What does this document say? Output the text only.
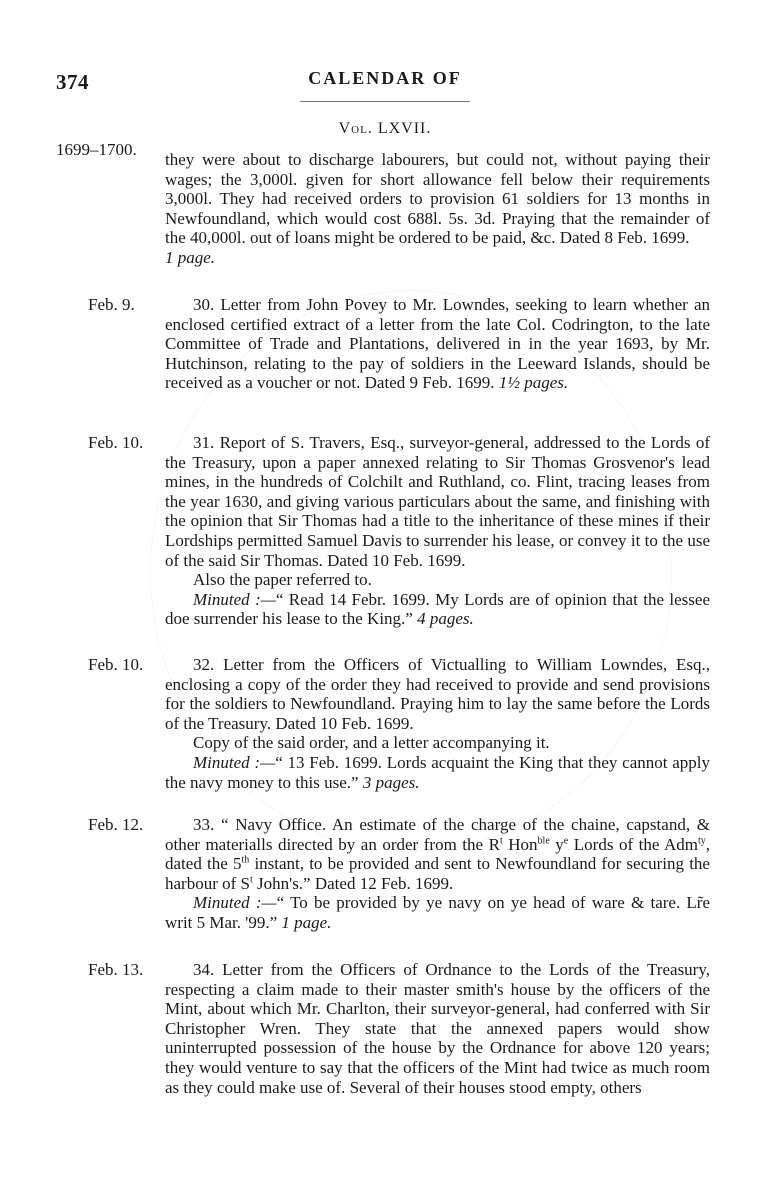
374	CALENDAR OF
Vol. LXVII.
1699–1700.

they were about to discharge labourers, but could not, without paying their wages; the 3,000l. given for short allowance fell below their requirements 3,000l. They had received orders to provision 61 soldiers for 13 months in Newfoundland, which would cost 688l. 5s. 3d. Praying that the remainder of the 40,000l. out of loans might be ordered to be paid, &c. Dated 8 Feb. 1699.

1 page.

Feb. 9.	30. Letter from John Povey to Mr. Lowndes, seeking to learn whether an enclosed certified extract of a letter from the late Col. Codrington, to the late Committee of Trade and Plantations, delivered in in the year 1693, by Mr. Hutchinson, relating to the pay of soldiers in the Leeward Islands, should be received as a voucher or not. Dated 9 Feb. 1699. 1½ pages.

Feb. 10.	31. Report of S. Travers, Esq., surveyor-general, addressed to the Lords of the Treasury, upon a paper annexed relating to Sir Thomas Grosvenor's lead mines, in the hundreds of Colchilt and Ruthland, co. Flint, tracing leases from the year 1630, and giving various particulars about the same, and finishing with the opinion that Sir Thomas had a title to the inheritance of these mines if their Lordships permitted Samuel Davis to surrender his lease, or convey it to the use of the said Sir Thomas. Dated 10 Feb. 1699.

Also the paper referred to.

Minuted :—“ Read 14 Febr. 1699. My Lords are of opinion that the lessee doe surrender his lease to the King.” 4 pages.

Feb. 10.	32. Letter from the Officers of Victualling to William Lowndes, Esq., enclosing a copy of the order they had received to provide and send provisions for the soldiers to Newfoundland. Praying him to lay the same before the Lords of the Treasury. Dated 10 Feb. 1699.

Copy of the said order, and a letter accompanying it.

Minuted :—“ 13 Feb. 1699. Lords acquaint the King that they cannot apply the navy money to this use.” 3 pages.

Feb. 12.	33. “ Navy Office. An estimate of the charge of the chaine, capstand, & other materialls directed by an order from the $R^t$ Hon$^{ble}$ $y^e$ Lords of the Adm$^{ty}$, dated the 5th instant, to be provided and sent to Newfoundland for securing the harbour of $S^t$ John's.” Dated 12 Feb. 1699.

Minuted :—“ To be provided by ye navy on ye head of ware & tare. Lr̃e writ 5 Mar. '99.” 1 page.

Feb. 13.	34. Letter from the Officers of Ordnance to the Lords of the Treasury, respecting a claim made to their master smith's house by the officers of the Mint, about which Mr. Charlton, their surveyor-general, had conferred with Sir Christopher Wren. They state that the annexed papers would show uninterrupted possession of the house by the Ordnance for above 120 years; they would venture to say that the officers of the Mint had twice as much room as they could make use of. Several of their houses stood empty, others
